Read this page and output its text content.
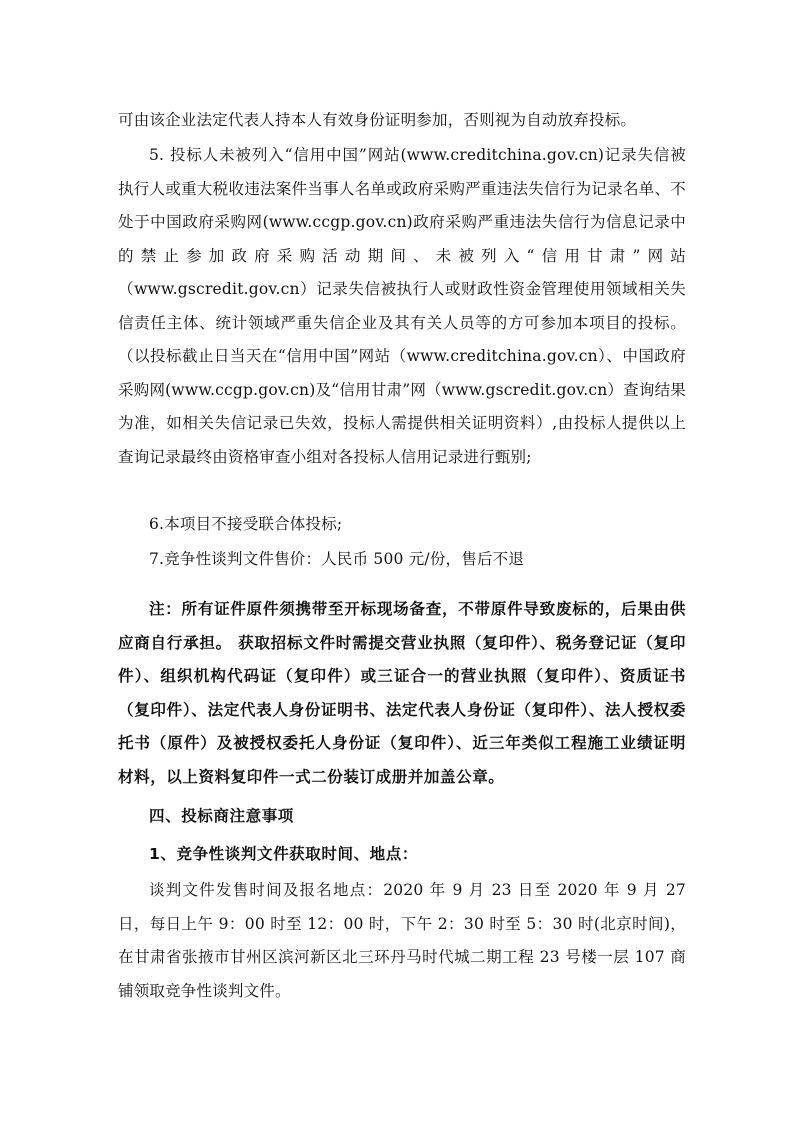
可由该企业法定代表人持本人有效身份证明参加，否则视为自动放弃投标。

5. 投标人未被列入“信用中国”网站(www.creditchina.gov.cn)记录失信被执行人或重大税收违法案件当事人名单或政府采购严重违法失信行为记录名单、不处于中国政府采购网(www.ccgp.gov.cn)政府采购严重违法失信行为信息记录中的禁止参加政府采购活动期间、未被列入“信用甘肃”网站（www.gscredit.gov.cn）记录失信被执行人或财政性资金管理使用领域相关失信责任主体、统计领域严重失信企业及其有关人员等的方可参加本项目的投标。（以投标截止日当天在“信用中国”网站（www.creditchina.gov.cn）、中国政府采购网(www.ccgp.gov.cn)及“信用甘肃”网（www.gscredit.gov.cn）查询结果为准，如相关失信记录已失效，投标人需提供相关证明资料）,由投标人提供以上查询记录最终由资格审查小组对各投标人信用记录进行甄别;

6.本项目不接受联合体投标;

7.竞争性谈判文件售价：人民币 500 元/份，售后不退

注：所有证件原件须携带至开标现场备查，不带原件导致废标的，后果由供应商自行承担。 获取招标文件时需提交营业执照（复印件）、税务登记证（复印件）、组织机构代码证（复印件）或三证合一的营业执照（复印件）、资质证书（复印件）、法定代表人身份证明书、法定代表人身份证（复印件）、法人授权委托书（原件）及被授权委托人身份证（复印件）、近三年类似工程施工业绩证明材料，以上资料复印件一式二份装订成册并加盖公章。

四、投标商注意事项

1、竞争性谈判文件获取时间、地点：

谈判文件发售时间及报名地点：2020 年 9 月 23 日至 2020 年 9 月 27 日，每日上午 9：00 时至 12：00 时，下午 2：30 时至 5：30 时(北京时间)，在甘肃省张掖市甘州区滨河新区北三环丹马时代城二期工程 23 号楼一层 107 商铺领取竞争性谈判文件。
